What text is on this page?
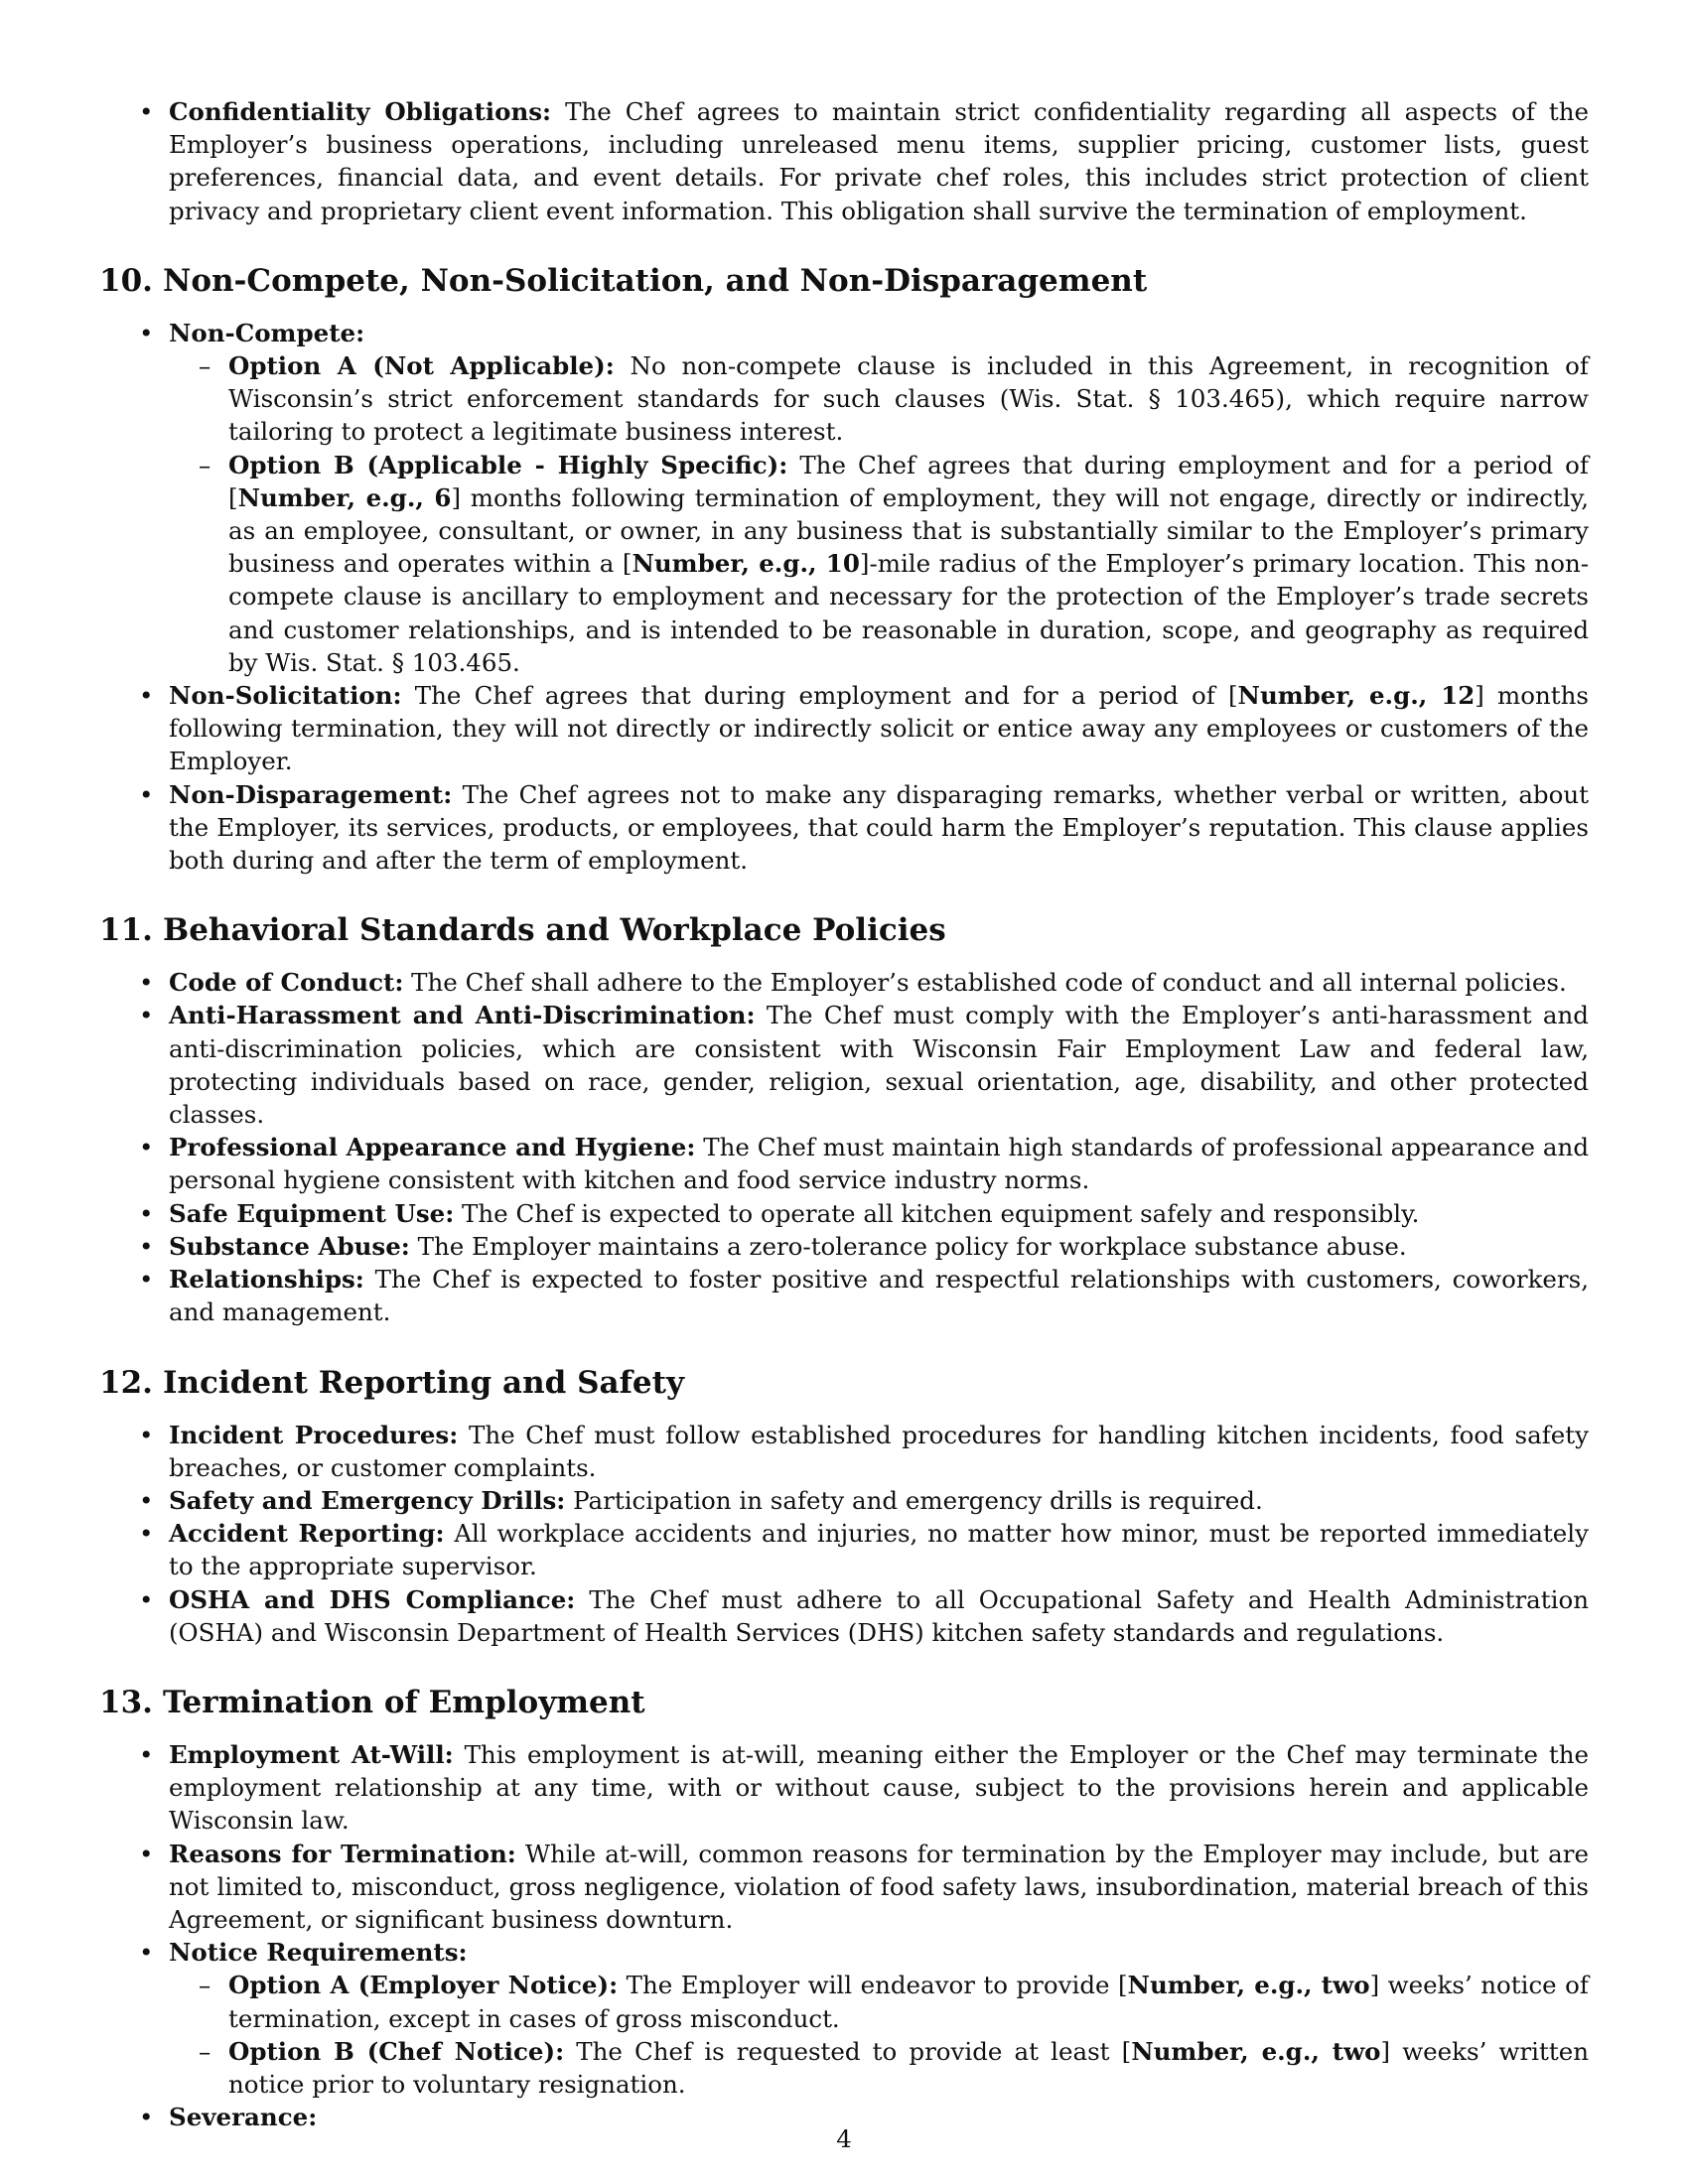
• Confidentiality Obligations: The Chef agrees to maintain strict confidentiality regarding all aspects of the Employer’s business operations, including unreleased menu items, supplier pricing, customer lists, guest preferences, financial data, and event details. For private chef roles, this includes strict protection of client privacy and proprietary client event information. This obligation shall survive the termination of employment.
10. Non-Compete, Non-Solicitation, and Non-Disparagement
• Non-Compete:
– Option A (Not Applicable): No non-compete clause is included in this Agreement, in recognition of Wisconsin’s strict enforcement standards for such clauses (Wis. Stat. § 103.465), which require narrow tailoring to protect a legitimate business interest.
– Option B (Applicable - Highly Specific): The Chef agrees that during employment and for a period of [Number, e.g., 6] months following termination of employment, they will not engage, directly or indirectly, as an employee, consultant, or owner, in any business that is substantially similar to the Employer’s primary business and operates within a [Number, e.g., 10]-mile radius of the Employer’s primary location. This non-compete clause is ancillary to employment and necessary for the protection of the Employer’s trade secrets and customer relationships, and is intended to be reasonable in duration, scope, and geography as required by Wis. Stat. § 103.465.
• Non-Solicitation: The Chef agrees that during employment and for a period of [Number, e.g., 12] months following termination, they will not directly or indirectly solicit or entice away any employees or customers of the Employer.
• Non-Disparagement: The Chef agrees not to make any disparaging remarks, whether verbal or written, about the Employer, its services, products, or employees, that could harm the Employer’s reputation. This clause applies both during and after the term of employment.
11. Behavioral Standards and Workplace Policies
• Code of Conduct: The Chef shall adhere to the Employer’s established code of conduct and all internal policies.
• Anti-Harassment and Anti-Discrimination: The Chef must comply with the Employer’s anti-harassment and anti-discrimination policies, which are consistent with Wisconsin Fair Employment Law and federal law, protecting individuals based on race, gender, religion, sexual orientation, age, disability, and other protected classes.
• Professional Appearance and Hygiene: The Chef must maintain high standards of professional appearance and personal hygiene consistent with kitchen and food service industry norms.
• Safe Equipment Use: The Chef is expected to operate all kitchen equipment safely and responsibly.
• Substance Abuse: The Employer maintains a zero-tolerance policy for workplace substance abuse.
• Relationships: The Chef is expected to foster positive and respectful relationships with customers, coworkers, and management.
12. Incident Reporting and Safety
• Incident Procedures: The Chef must follow established procedures for handling kitchen incidents, food safety breaches, or customer complaints.
• Safety and Emergency Drills: Participation in safety and emergency drills is required.
• Accident Reporting: All workplace accidents and injuries, no matter how minor, must be reported immediately to the appropriate supervisor.
• OSHA and DHS Compliance: The Chef must adhere to all Occupational Safety and Health Administration (OSHA) and Wisconsin Department of Health Services (DHS) kitchen safety standards and regulations.
13. Termination of Employment
• Employment At-Will: This employment is at-will, meaning either the Employer or the Chef may terminate the employment relationship at any time, with or without cause, subject to the provisions herein and applicable Wisconsin law.
• Reasons for Termination: While at-will, common reasons for termination by the Employer may include, but are not limited to, misconduct, gross negligence, violation of food safety laws, insubordination, material breach of this Agreement, or significant business downturn.
• Notice Requirements:
– Option A (Employer Notice): The Employer will endeavor to provide [Number, e.g., two] weeks’ notice of termination, except in cases of gross misconduct.
– Option B (Chef Notice): The Chef is requested to provide at least [Number, e.g., two] weeks’ written notice prior to voluntary resignation.
• Severance:
4
